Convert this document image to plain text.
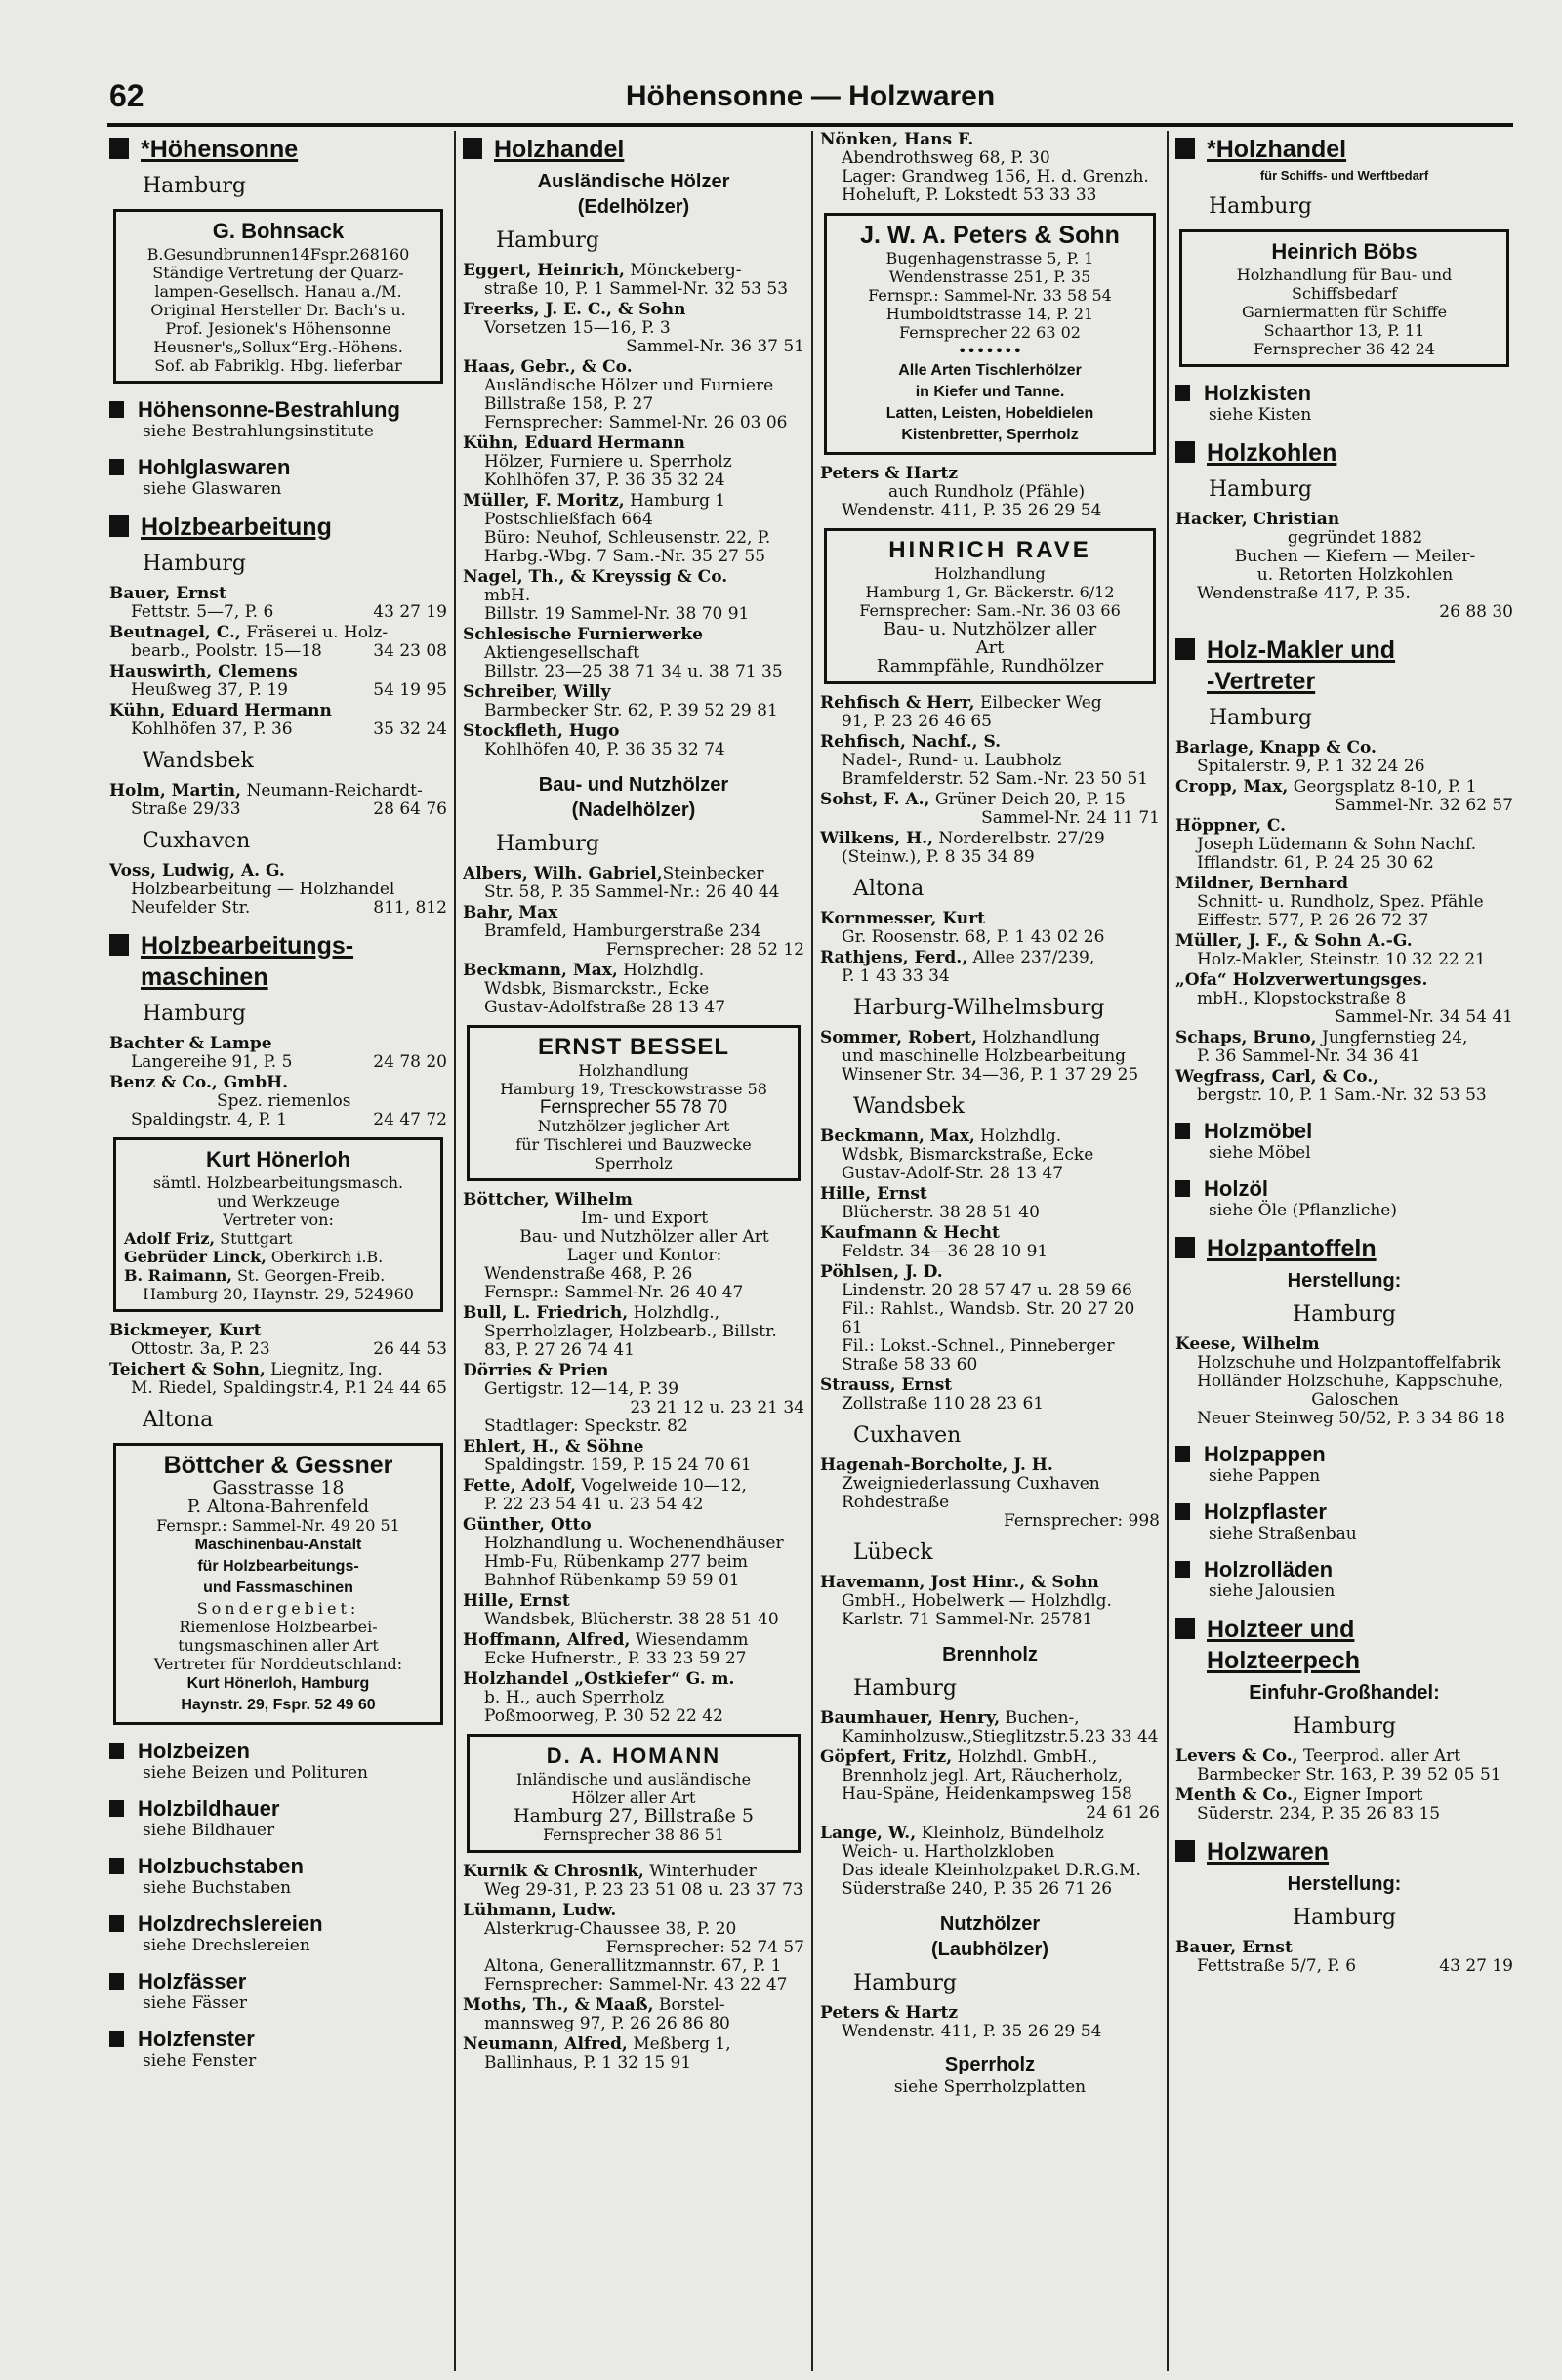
62	Höhensonne — Holzwaren
*Höhensonne
Hamburg
G. Bohnsack
B.Gesundbrunnen14Fspr.268160
Ständige Vertretung der Quarz-
lampen-Gesellsch. Hanau a./M.
Original Hersteller Dr. Bach's u.
Prof. Jesionek's Höhensonne
Heusner's„Sollux“Erg.-Höhens.
Sof. ab Fabriklg. Hbg. lieferbar
Höhensonne-Bestrahlung
siehe Bestrahlungsinstitute
Hohlglaswaren
siehe Glaswaren
Holzbearbeitung
Hamburg
Bauer, Ernst
Fettstr. 5—7, P. 6	43 27 19
Beutnagel, C., Fräserei u. Holz-
bearb., Poolstr. 15—18	34 23 08
Hauswirth, Clemens
Heußweg 37, P. 19	54 19 95
Kühn, Eduard Hermann
Kohlhöfen 37, P. 36	35 32 24
Wandsbek
Holm, Martin, Neumann-Reichardt-
Straße 29/33	28 64 76
Cuxhaven
Voss, Ludwig, A. G.
Holzbearbeitung — Holzhandel
Neufelder Str.	811, 812
Holzbearbeitungs-
maschinen
Hamburg
Bachter & Lampe
Langereihe 91, P. 5	24 78 20
Benz & Co., GmbH.
Spez. riemenlos
Spaldingstr. 4, P. 1	24 47 72
Kurt Hönerloh
sämtl. Holzbearbeitungsmasch.
und Werkzeuge
Vertreter von:
Adolf Friz, Stuttgart
Gebrüder Linck, Oberkirch i.B.
B. Raimann, St. Georgen-Freib.
Hamburg 20, Haynstr. 29, 524960
Bickmeyer, Kurt
Ottostr. 3a, P. 23	26 44 53
Teichert & Sohn, Liegnitz, Ing.
M. Riedel, Spaldingstr.4, P.1 24 44 65
Altona
Böttcher & Gessner
Gasstrasse 18
P. Altona-Bahrenfeld
Fernspr.: Sammel-Nr. 49 20 51
Maschinenbau-Anstalt
für Holzbearbeitungs-
und Fassmaschinen
Sondergebiet:
Riemenlose Holzbearbei-
tungsmaschinen aller Art
Vertreter für Norddeutschland:
Kurt Hönerloh, Hamburg
Haynstr. 29, Fspr. 52 49 60
Holzbeizen
siehe Beizen und Polituren
Holzbildhauer
siehe Bildhauer
Holzbuchstaben
siehe Buchstaben
Holzdrechslereien
siehe Drechslereien
Holzfässer
siehe Fässer
Holzfenster
siehe Fenster
Holzhandel
Ausländische Hölzer
(Edelhölzer)
Hamburg
Eggert, Heinrich, Mönckeberg-
straße 10, P. 1 Sammel-Nr. 32 53 53
Freerks, J. E. C., & Sohn
Vorsetzen 15—16, P. 3
Sammel-Nr. 36 37 51
Haas, Gebr., & Co.
Ausländische Hölzer und Furniere
Billstraße 158, P. 27
Fernsprecher: Sammel-Nr. 26 03 06
Kühn, Eduard Hermann
Hölzer, Furniere u. Sperrholz
Kohlhöfen 37, P. 36 35 32 24
Müller, F. Moritz, Hamburg 1
Postschließfach 664
Büro: Neuhof, Schleusenstr. 22, P.
Harbg.-Wbg. 7 Sam.-Nr. 35 27 55
Nagel, Th., & Kreyssig & Co.
mbH.
Billstr. 19 Sammel-Nr. 38 70 91
Schlesische Furnierwerke
Aktiengesellschaft
Billstr. 23—25 38 71 34 u. 38 71 35
Schreiber, Willy
Barmbecker Str. 62, P. 39 52 29 81
Stockfleth, Hugo
Kohlhöfen 40, P. 36 35 32 74
Bau- und Nutzhölzer
(Nadelhölzer)
Hamburg
Albers, Wilh. Gabriel,Steinbecker
Str. 58, P. 35 Sammel-Nr.: 26 40 44
Bahr, Max
Bramfeld, Hamburgerstraße 234
Fernsprecher: 28 52 12
Beckmann, Max, Holzhdlg.
Wdsbk, Bismarckstr., Ecke
Gustav-Adolfstraße 28 13 47
ERNST BESSEL
Holzhandlung
Hamburg 19, Tresckowstrasse 58
Fernsprecher 55 78 70
Nutzhölzer jeglicher Art
für Tischlerei und Bauzwecke
Sperrholz
Böttcher, Wilhelm
Im- und Export
Bau- und Nutzhölzer aller Art
Lager und Kontor:
Wendenstraße 468, P. 26
Fernspr.: Sammel-Nr. 26 40 47
Bull, L. Friedrich, Holzhdlg.,
Sperrholzlager, Holzbearb., Billstr.
83, P. 27 26 74 41
Dörries & Prien
Gertigstr. 12—14, P. 39
23 21 12 u. 23 21 34
Stadtlager: Speckstr. 82
Ehlert, H., & Söhne
Spaldingstr. 159, P. 15 24 70 61
Fette, Adolf, Vogelweide 10—12,
P. 22 23 54 41 u. 23 54 42
Günther, Otto
Holzhandlung u. Wochenendhäuser
Hmb-Fu, Rübenkamp 277 beim
Bahnhof Rübenkamp 59 59 01
Hille, Ernst
Wandsbek, Blücherstr. 38 28 51 40
Hoffmann, Alfred, Wiesendamm
Ecke Hufnerstr., P. 33 23 59 27
Holzhandel „Ostkiefer“ G. m.
b. H., auch Sperrholz
Poßmoorweg, P. 30 52 22 42
D. A. HOMANN
Inländische und ausländische
Hölzer aller Art
Hamburg 27, Billstraße 5
Fernsprecher 38 86 51
Kurnik & Chrosnik, Winterhuder
Weg 29-31, P. 23 23 51 08 u. 23 37 73
Lühmann, Ludw.
Alsterkrug-Chaussee 38, P. 20
Fernsprecher: 52 74 57
Altona, Generallitzmannstr. 67, P. 1
Fernsprecher: Sammel-Nr. 43 22 47
Moths, Th., & Maaß, Borstel-
mannsweg 97, P. 26 26 86 80
Neumann, Alfred, Meßberg 1,
Ballinhaus, P. 1 32 15 91
Nönken, Hans F.
Abendrothsweg 68, P. 30
Lager: Grandweg 156, H. d. Grenzh.
Hoheluft, P. Lokstedt 53 33 33
J. W. A. Peters & Sohn
Bugenhagenstrasse 5, P. 1
Wendenstrasse 251, P. 35
Fernspr.: Sammel-Nr. 33 58 54
Humboldtstrasse 14, P. 21
Fernsprecher 22 63 02
•••••••
Alle Arten Tischlerhölzer
in Kiefer und Tanne.
Latten, Leisten, Hobeldielen
Kistenbretter, Sperrholz
Peters & Hartz
auch Rundholz (Pfähle)
Wendenstr. 411, P. 35 26 29 54
HINRICH RAVE
Holzhandlung
Hamburg 1, Gr. Bäckerstr. 6/12
Fernsprecher: Sam.-Nr. 36 03 66
Bau- u. Nutzhölzer aller
Art
Rammpfähle, Rundhölzer
Rehfisch & Herr, Eilbecker Weg
91, P. 23 26 46 65
Rehfisch, Nachf., S.
Nadel-, Rund- u. Laubholz
Bramfelderstr. 52 Sam.-Nr. 23 50 51
Sohst, F. A., Grüner Deich 20, P. 15
Sammel-Nr. 24 11 71
Wilkens, H., Norderelbstr. 27/29
(Steinw.), P. 8 35 34 89
Altona
Kornmesser, Kurt
Gr. Roosenstr. 68, P. 1 43 02 26
Rathjens, Ferd., Allee 237/239,
P. 1 43 33 34
Harburg-Wilhelmsburg
Sommer, Robert, Holzhandlung
und maschinelle Holzbearbeitung
Winsener Str. 34—36, P. 1 37 29 25
Wandsbek
Beckmann, Max, Holzhdlg.
Wdsbk, Bismarckstraße, Ecke
Gustav-Adolf-Str. 28 13 47
Hille, Ernst
Blücherstr. 38 28 51 40
Kaufmann & Hecht
Feldstr. 34—36 28 10 91
Pöhlsen, J. D.
Lindenstr. 20 28 57 47 u. 28 59 66
Fil.: Rahlst., Wandsb. Str. 20 27 20 61
Fil.: Lokst.-Schnel., Pinneberger
Straße 58 33 60
Strauss, Ernst
Zollstraße 110 28 23 61
Cuxhaven
Hagenah-Borcholte, J. H.
Zweigniederlassung Cuxhaven
Rohdestraße
Fernsprecher: 998
Lübeck
Havemann, Jost Hinr., & Sohn
GmbH., Hobelwerk — Holzhdlg.
Karlstr. 71 Sammel-Nr. 25781
Brennholz
Hamburg
Baumhauer, Henry, Buchen-,
Kaminholzusw.,Stieglitzstr.5.23 33 44
Göpfert, Fritz, Holzhdl. GmbH.,
Brennholz jegl. Art, Räucherholz,
Hau-Späne, Heidenkampsweg 158
24 61 26
Lange, W., Kleinholz, Bündelholz
Weich- u. Hartholzkloben
Das ideale Kleinholzpaket D.R.G.M.
Süderstraße 240, P. 35 26 71 26
Nutzhölzer
(Laubhölzer)
Hamburg
Peters & Hartz
Wendenstr. 411, P. 35 26 29 54
Sperrholz
siehe Sperrholzplatten
*Holzhandel
für Schiffs- und Werftbedarf
Hamburg
Heinrich Böbs
Holzhandlung für Bau- und
Schiffsbedarf
Garniermatten für Schiffe
Schaarthor 13, P. 11
Fernsprecher 36 42 24
Holzkisten
siehe Kisten
Holzkohlen
Hamburg
Hacker, Christian
gegründet 1882
Buchen — Kiefern — Meiler-
u. Retorten Holzkohlen
Wendenstraße 417, P. 35.
26 88 30
Holz-Makler und
-Vertreter
Hamburg
Barlage, Knapp & Co.
Spitalerstr. 9, P. 1 32 24 26
Cropp, Max, Georgsplatz 8-10, P. 1
Sammel-Nr. 32 62 57
Höppner, C.
Joseph Lüdemann & Sohn Nachf.
Ifflandstr. 61, P. 24 25 30 62
Mildner, Bernhard
Schnitt- u. Rundholz, Spez. Pfähle
Eiffestr. 577, P. 26 26 72 37
Müller, J. F., & Sohn A.-G.
Holz-Makler, Steinstr. 10 32 22 21
„Ofa“ Holzverwertungsges.
mbH., Klopstockstraße 8
Sammel-Nr. 34 54 41
Schaps, Bruno, Jungfernstieg 24,
P. 36 Sammel-Nr. 34 36 41
Wegfrass, Carl, & Co.,
bergstr. 10, P. 1 Sam.-Nr. 32 53 53
Holzmöbel
siehe Möbel
Holzöl
siehe Öle (Pflanzliche)
Holzpantoffeln
Herstellung:
Hamburg
Keese, Wilhelm
Holzschuhe und Holzpantoffelfabrik
Holländer Holzschuhe, Kappschuhe,
Galoschen
Neuer Steinweg 50/52, P. 3 34 86 18
Holzpappen
siehe Pappen
Holzpflaster
siehe Straßenbau
Holzrolläden
siehe Jalousien
Holzteer und
Holzteerpech
Einfuhr-Großhandel:
Hamburg
Levers & Co., Teerprod. aller Art
Barmbecker Str. 163, P. 39 52 05 51
Menth & Co., Eigner Import
Süderstr. 234, P. 35 26 83 15
Holzwaren
Herstellung:
Hamburg
Bauer, Ernst
Fettstraße 5/7, P. 6	43 27 19
